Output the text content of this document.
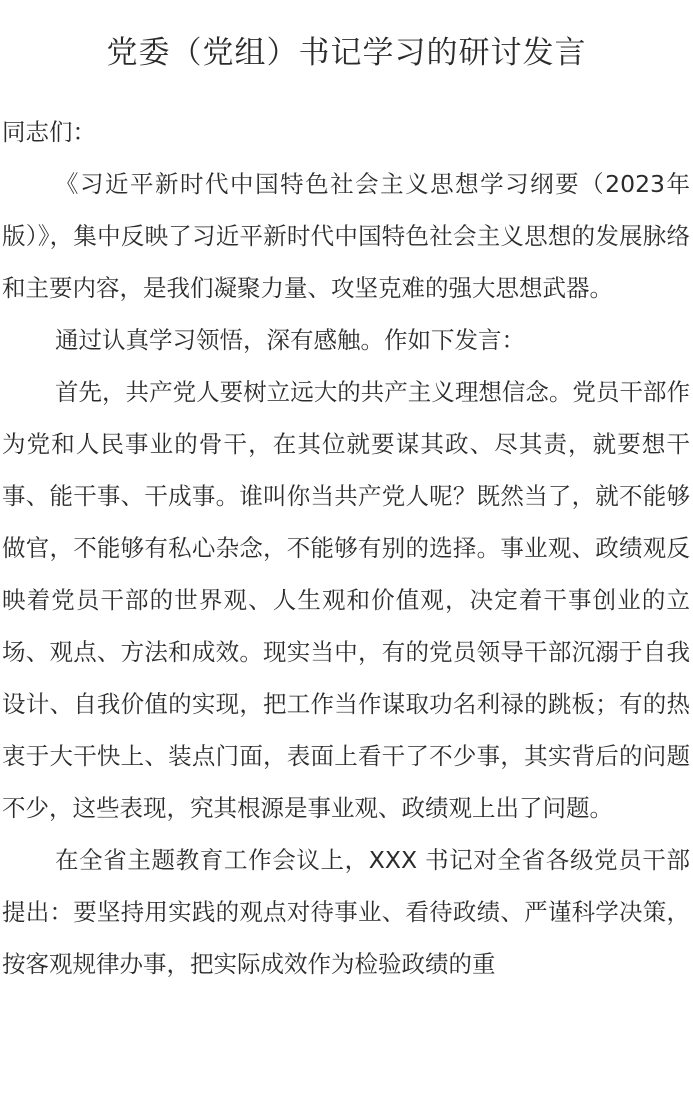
党委（党组）书记学习的研讨发言

同志们：

《习近平新时代中国特色社会主义思想学习纲要（2023年版）》，集中反映了习近平新时代中国特色社会主义思想的发展脉络和主要内容，是我们凝聚力量、攻坚克难的强大思想武器。

通过认真学习领悟，深有感触。作如下发言：

首先，共产党人要树立远大的共产主义理想信念。党员干部作为党和人民事业的骨干，在其位就要谋其政、尽其责，就要想干事、能干事、干成事。谁叫你当共产党人呢？既然当了，就不能够做官，不能够有私心杂念，不能够有别的选择。事业观、政绩观反映着党员干部的世界观、人生观和价值观，决定着干事创业的立场、观点、方法和成效。现实当中，有的党员领导干部沉溺于自我设计、自我价值的实现，把工作当作谋取功名利禄的跳板；有的热衷于大干快上、装点门面，表面上看干了不少事，其实背后的问题不少，这些表现，究其根源是事业观、政绩观上出了问题。

在全省主题教育工作会议上，XXX 书记对全省各级党员干部提出：要坚持用实践的观点对待事业、看待政绩、严谨科学决策，按客观规律办事，把实际成效作为检验政绩的重
